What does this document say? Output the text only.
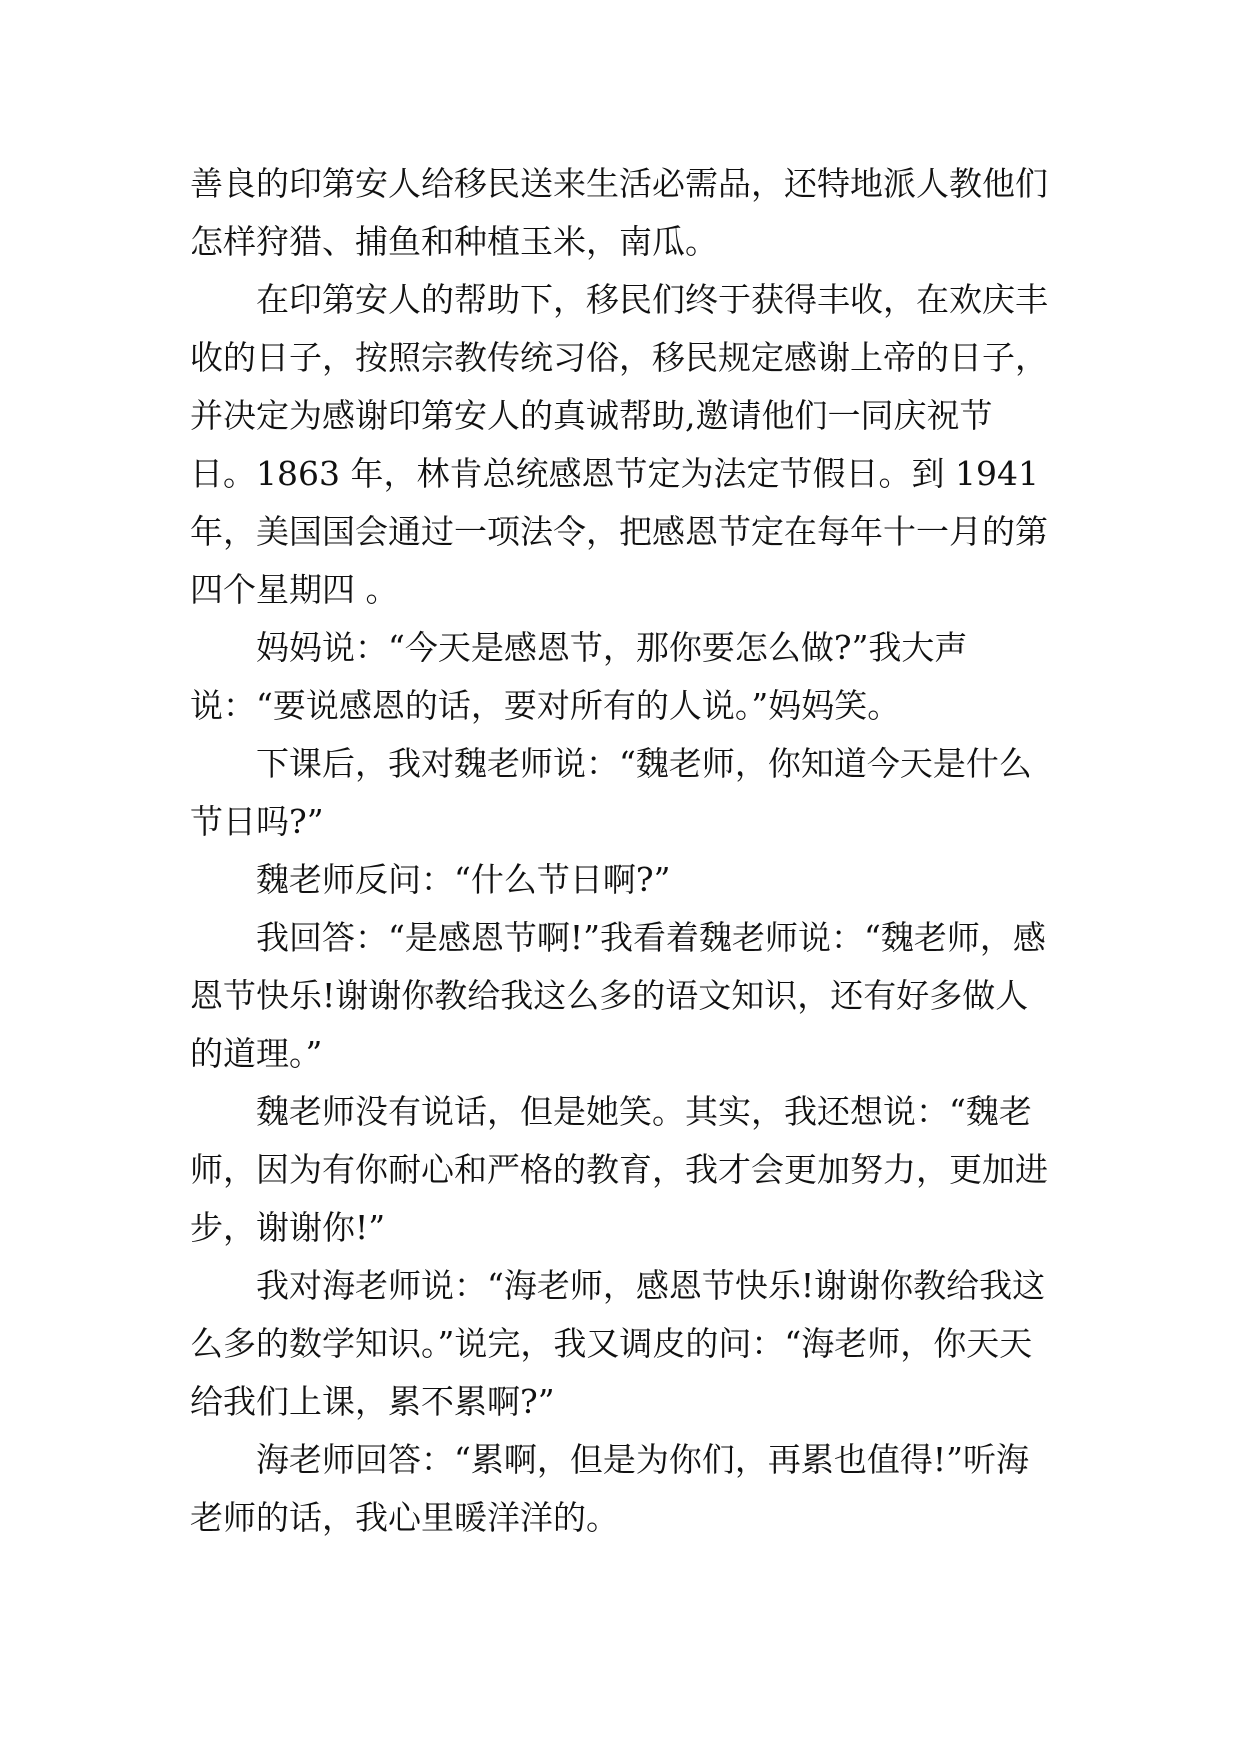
善良的印第安人给移民送来生活必需品，还特地派人教他们怎样狩猎、捕鱼和种植玉米，南瓜。

在印第安人的帮助下，移民们终于获得丰收，在欢庆丰收的日子，按照宗教传统习俗，移民规定感谢上帝的日子，并决定为感谢印第安人的真诚帮助,邀请他们一同庆祝节日。1863 年，林肯总统感恩节定为法定节假日。到 1941 年，美国国会通过一项法令，把感恩节定在每年十一月的第四个星期四 。

妈妈说：“今天是感恩节，那你要怎么做?”我大声说：“要说感恩的话，要对所有的人说。”妈妈笑。

下课后，我对魏老师说：“魏老师，你知道今天是什么节日吗?”

魏老师反问：“什么节日啊?”

我回答：“是感恩节啊!”我看着魏老师说：“魏老师，感恩节快乐!谢谢你教给我这么多的语文知识，还有好多做人的道理。”

魏老师没有说话，但是她笑。其实，我还想说：“魏老师，因为有你耐心和严格的教育，我才会更加努力，更加进步，谢谢你!”

我对海老师说：“海老师，感恩节快乐!谢谢你教给我这么多的数学知识。”说完，我又调皮的问：“海老师，你天天给我们上课，累不累啊?”

海老师回答：“累啊，但是为你们，再累也值得!”听海老师的话，我心里暖洋洋的。
